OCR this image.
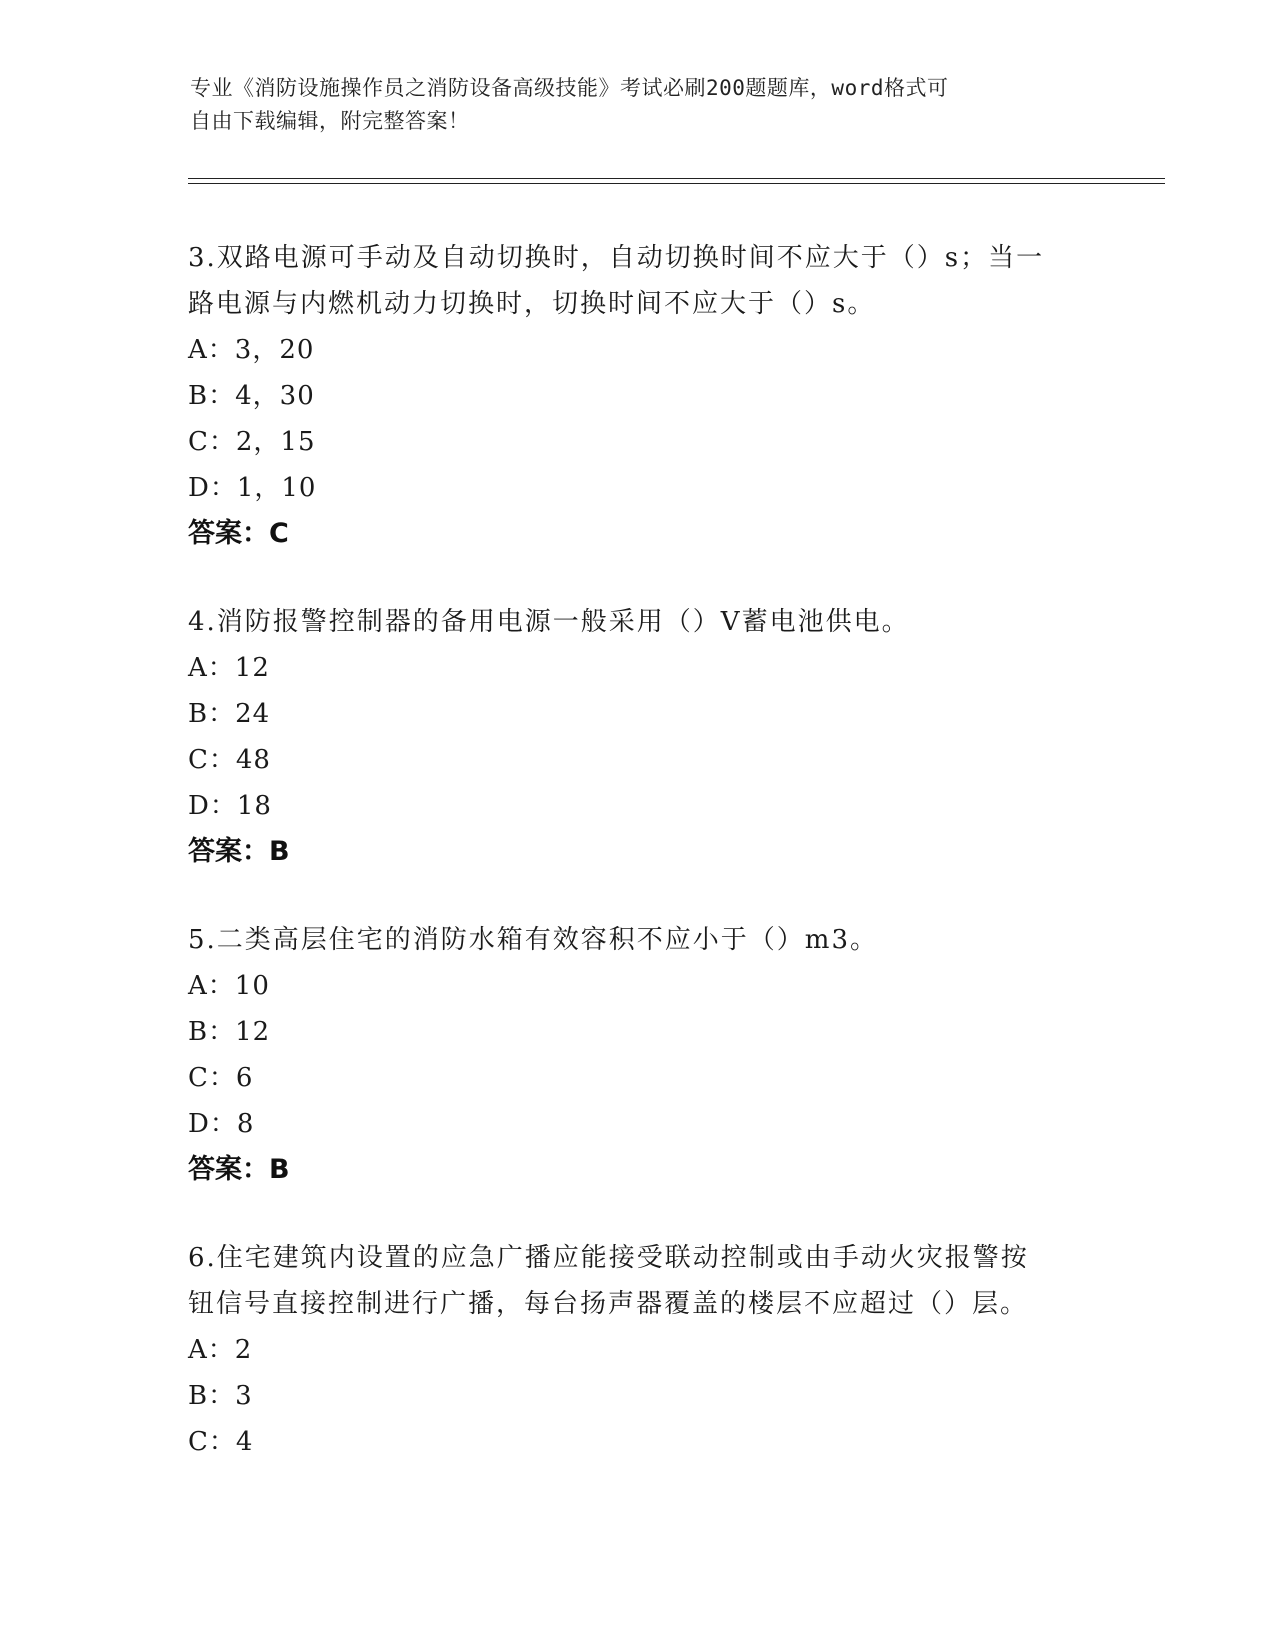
专业《消防设施操作员之消防设备高级技能》考试必刷200题题库，word格式可
自由下载编辑，附完整答案！
3.双路电源可手动及自动切换时，自动切换时间不应大于（）s；当一
路电源与内燃机动力切换时，切换时间不应大于（）s。
A：3，20
B：4，30
C：2，15
D：1，10
答案：C
4.消防报警控制器的备用电源一般采用（）V蓄电池供电。
A：12
B：24
C：48
D：18
答案：B
5.二类高层住宅的消防水箱有效容积不应小于（）m3。
A：10
B：12
C：6
D：8
答案：B
6.住宅建筑内设置的应急广播应能接受联动控制或由手动火灾报警按
钮信号直接控制进行广播，每台扬声器覆盖的楼层不应超过（）层。
A：2
B：3
C：4
